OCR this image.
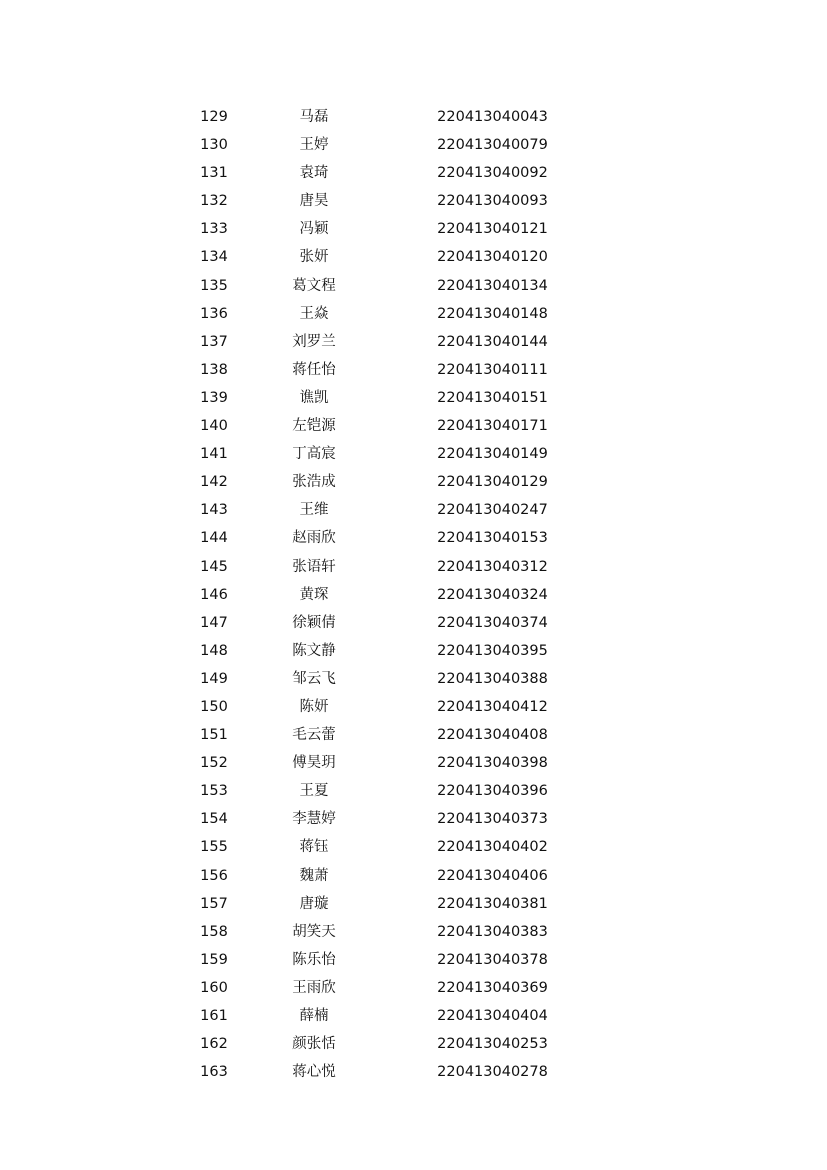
129	马磊	220413040043
130	王婷	220413040079
131	袁琦	220413040092
132	唐昊	220413040093
133	冯颖	220413040121
134	张妍	220413040120
135	葛文程	220413040134
136	王焱	220413040148
137	刘罗兰	220413040144
138	蒋任怡	220413040111
139	谯凯	220413040151
140	左铠源	220413040171
141	丁高宸	220413040149
142	张浩成	220413040129
143	王维	220413040247
144	赵雨欣	220413040153
145	张语轩	220413040312
146	黄琛	220413040324
147	徐颖倩	220413040374
148	陈文静	220413040395
149	邹云飞	220413040388
150	陈妍	220413040412
151	毛云蕾	220413040408
152	傅昊玥	220413040398
153	王夏	220413040396
154	李慧婷	220413040373
155	蒋钰	220413040402
156	魏萧	220413040406
157	唐璇	220413040381
158	胡笑天	220413040383
159	陈乐怡	220413040378
160	王雨欣	220413040369
161	薛楠	220413040404
162	颜张恬	220413040253
163	蒋心悦	220413040278
